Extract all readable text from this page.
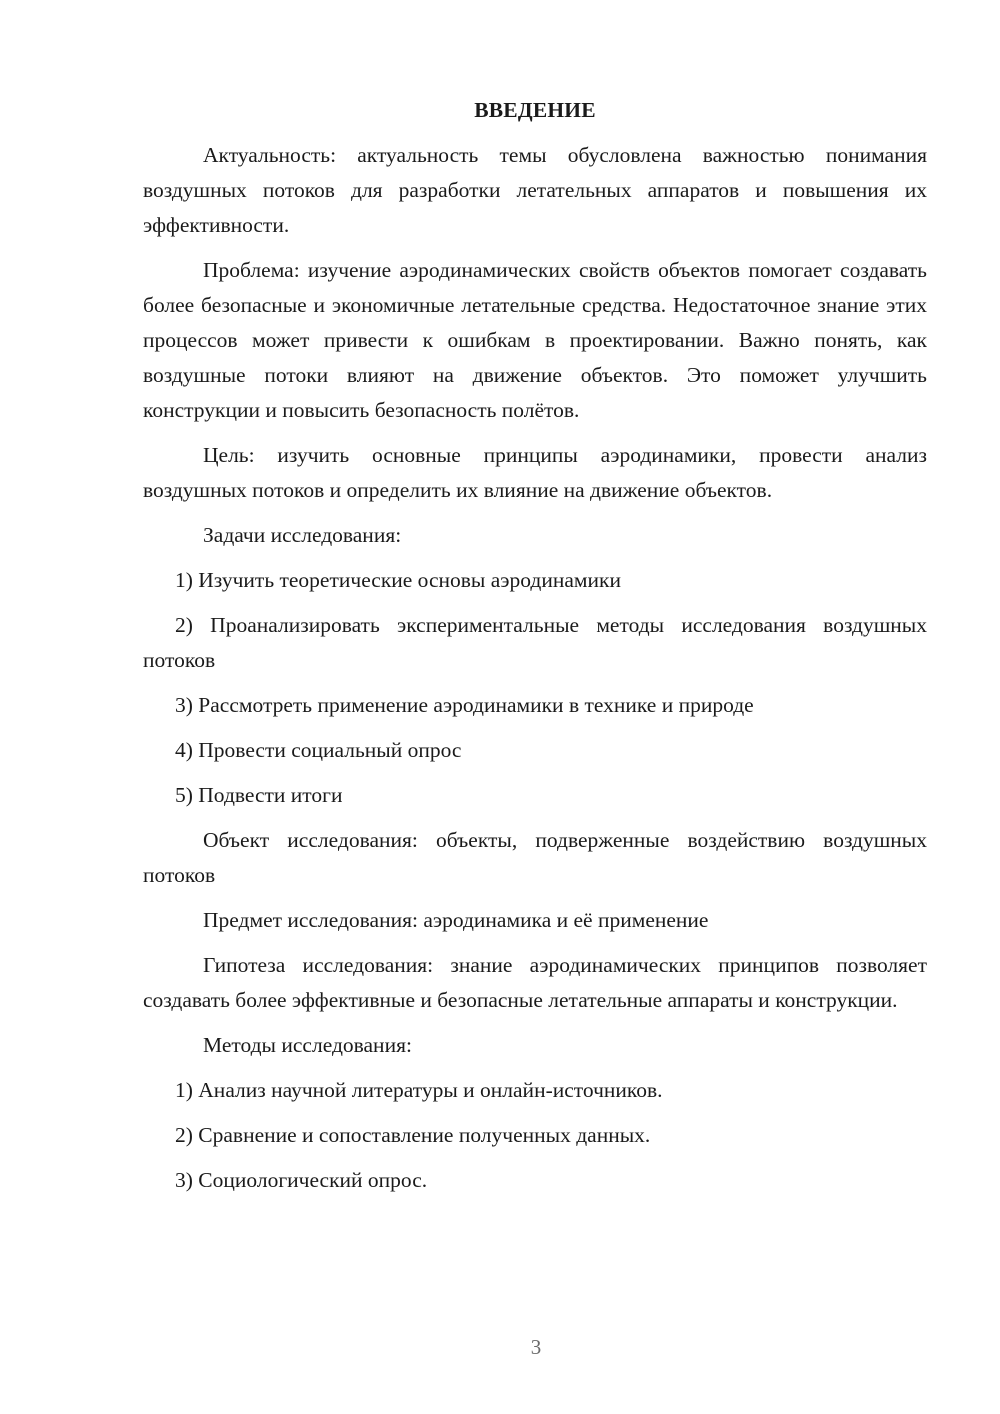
ВВЕДЕНИЕ

Актуальность: актуальность темы обусловлена важностью понимания воздушных потоков для разработки летательных аппаратов и повышения их эффективности.

Проблема: изучение аэродинамических свойств объектов помогает создавать более безопасные и экономичные летательные средства. Недостаточное знание этих процессов может привести к ошибкам в проектировании. Важно понять, как воздушные потоки влияют на движение объектов. Это поможет улучшить конструкции и повысить безопасность полётов.

Цель: изучить основные принципы аэродинамики, провести анализ воздушных потоков и определить их влияние на движение объектов.

Задачи исследования:

1) Изучить теоретические основы аэродинамики

2) Проанализировать экспериментальные методы исследования воздушных потоков

3) Рассмотреть применение аэродинамики в технике и природе

4) Провести социальный опрос

5) Подвести итоги

Объект исследования: объекты, подверженные воздействию воздушных потоков

Предмет исследования: аэродинамика и её применение

Гипотеза исследования: знание аэродинамических принципов позволяет создавать более эффективные и безопасные летательные аппараты и конструкции.

Методы исследования:

1) Анализ научной литературы и онлайн-источников.

2) Сравнение и сопоставление полученных данных.

3) Социологический опрос.

3
